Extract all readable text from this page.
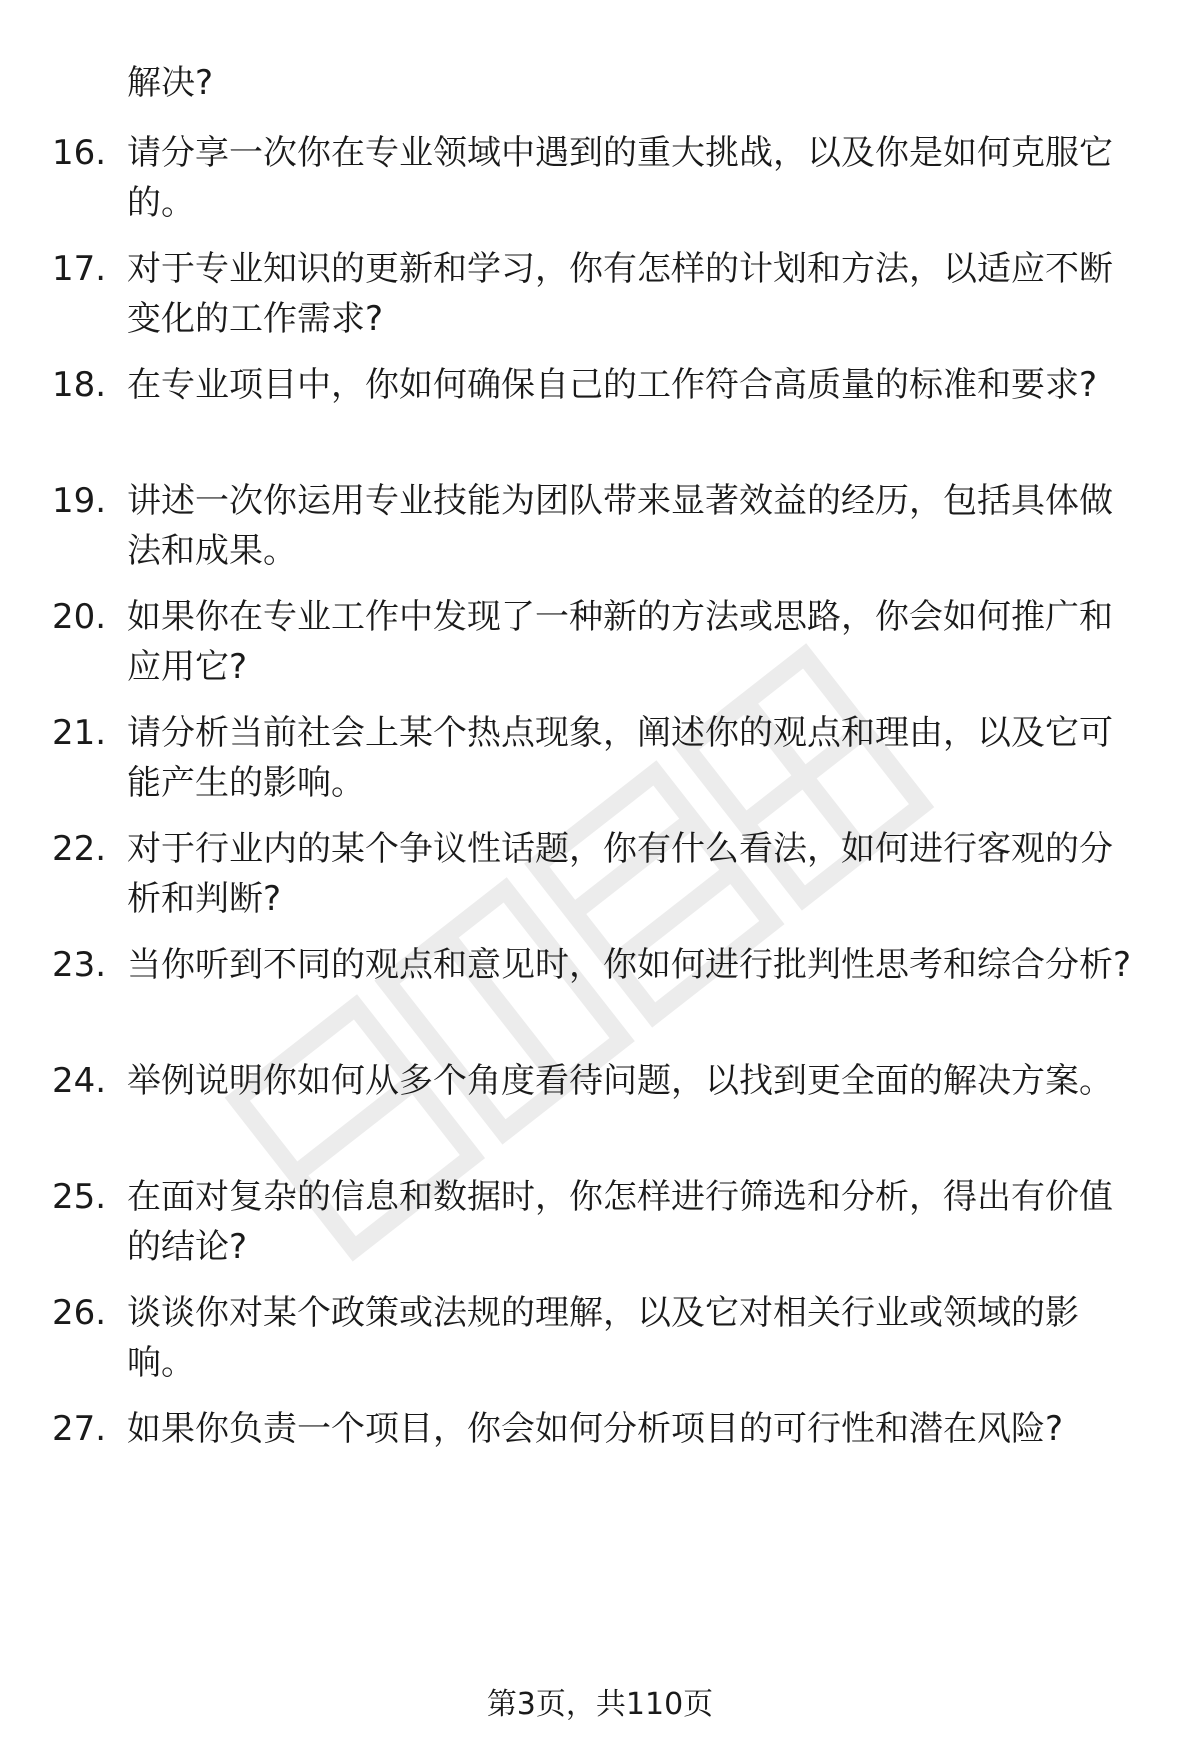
解决?
16. 请分享一次你在专业领域中遇到的重大挑战，以及你是如何克服它的。
17. 对于专业知识的更新和学习，你有怎样的计划和方法，以适应不断变化的工作需求?
18. 在专业项目中，你如何确保自己的工作符合高质量的标准和要求?
19. 讲述一次你运用专业技能为团队带来显著效益的经历，包括具体做法和成果。
20. 如果你在专业工作中发现了一种新的方法或思路，你会如何推广和应用它?
21. 请分析当前社会上某个热点现象，阐述你的观点和理由，以及它可能产生的影响。
22. 对于行业内的某个争议性话题，你有什么看法，如何进行客观的分析和判断?
23. 当你听到不同的观点和意见时，你如何进行批判性思考和综合分析?
24. 举例说明你如何从多个角度看待问题，以找到更全面的解决方案。
25. 在面对复杂的信息和数据时，你怎样进行筛选和分析，得出有价值的结论?
26. 谈谈你对某个政策或法规的理解，以及它对相关行业或领域的影响。
27. 如果你负责一个项目，你会如何分析项目的可行性和潜在风险?
第3页，共110页
